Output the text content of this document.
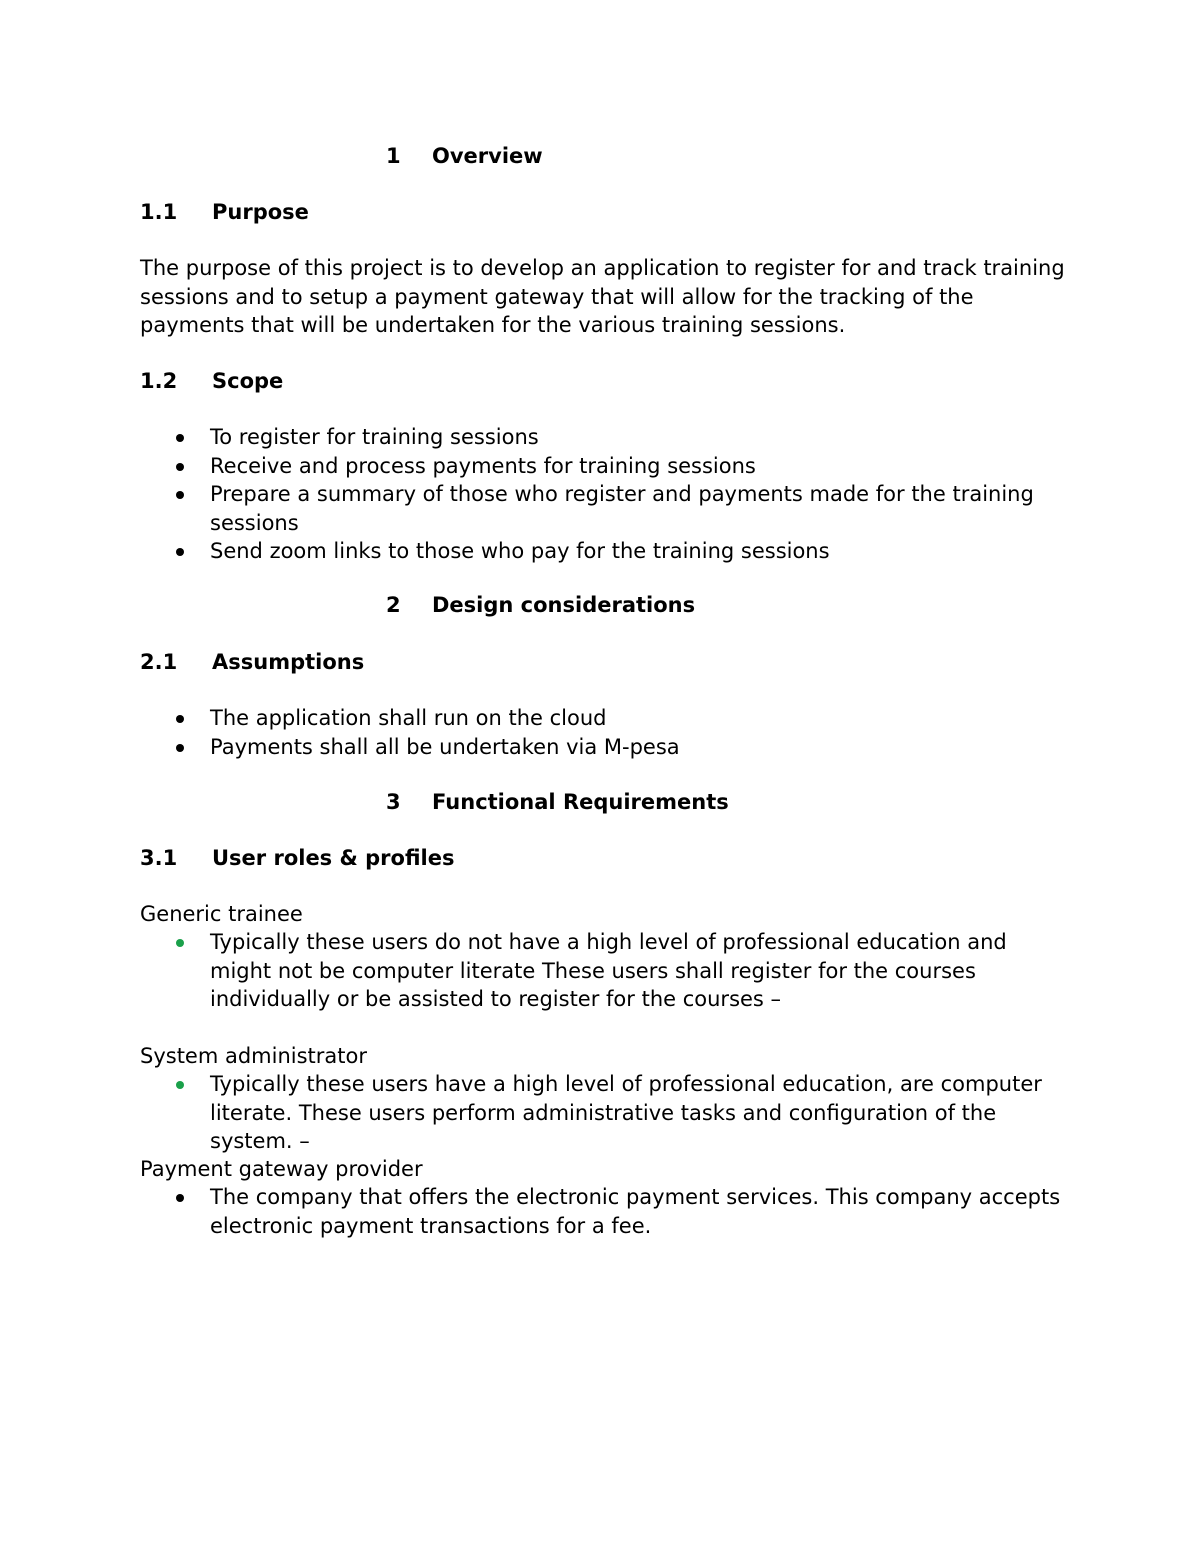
1 Overview
1.1 Purpose
The purpose of this project is to develop an application to register for and track training
sessions and to setup a payment gateway that will allow for the tracking of the
payments that will be undertaken for the various training sessions.
1.2 Scope
To register for training sessions
Receive and process payments for training sessions
Prepare a summary of those who register and payments made for the training
sessions
Send zoom links to those who pay for the training sessions
2 Design considerations
2.1 Assumptions
The application shall run on the cloud
Payments shall all be undertaken via M-pesa
3 Functional Requirements
3.1 User roles & profiles
Generic trainee
Typically these users do not have a high level of professional education and
might not be computer literate These users shall register for the courses
individually or be assisted to register for the courses –
System administrator
Typically these users have a high level of professional education, are computer
literate. These users perform administrative tasks and configuration of the
system. –
Payment gateway provider
The company that offers the electronic payment services. This company accepts
electronic payment transactions for a fee.
